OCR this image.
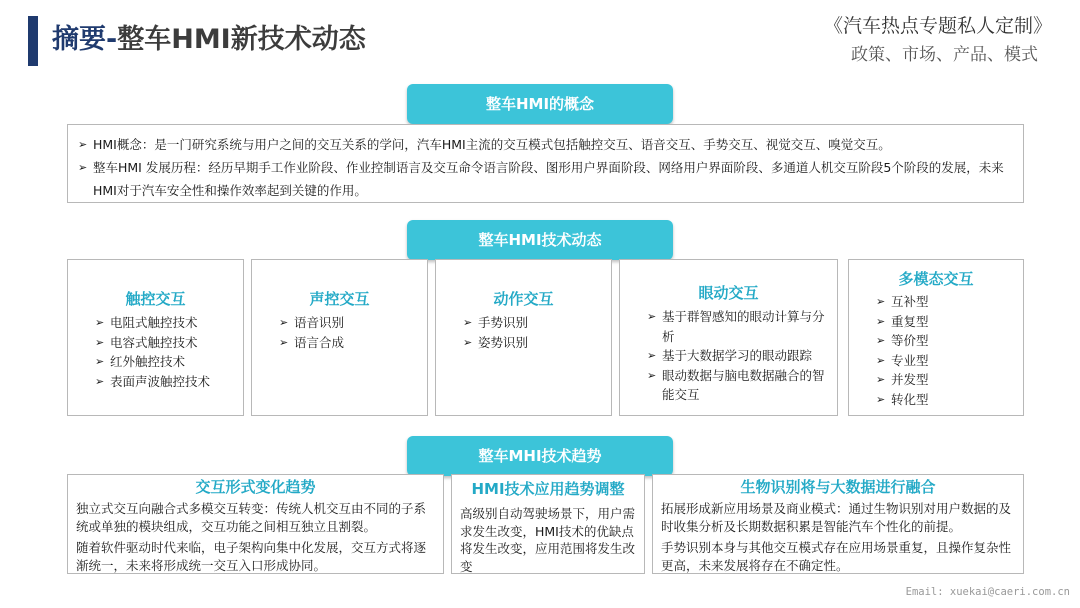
摘要-整车HMI新技术动态	《汽车热点专题私人定制》
政策、市场、产品、模式
整车HMI的概念
➢ HMI概念：是一门研究系统与用户之间的交互关系的学问，汽车HMI主流的交互模式包括触控交互、语音交互、手势交互、视觉交互、嗅觉交互。
➢ 整车HMI 发展历程：经历早期手工作业阶段、作业控制语言及交互命令语言阶段、图形用户界面阶段、网络用户界面阶段、多通道人机交互阶段5个阶段的发展，未来HMI对于汽车安全性和操作效率起到关键的作用。
整车HMI技术动态
触控交互
➢ 电阻式触控技术
➢ 电容式触控技术
➢ 红外触控技术
➢ 表面声波触控技术
声控交互
➢ 语音识别
➢ 语言合成
动作交互
➢ 手势识别
➢ 姿势识别
眼动交互
➢ 基于群智感知的眼动计算与分析
➢ 基于大数据学习的眼动跟踪
➢ 眼动数据与脑电数据融合的智能交互
多模态交互
➢ 互补型
➢ 重复型
➢ 等价型
➢ 专业型
➢ 并发型
➢ 转化型
整车MHI技术趋势
交互形式变化趋势
独立式交互向融合式多模交互转变：传统人机交互由不同的子系统或单独的模块组成，交互功能之间相互独立且割裂。
随着软件驱动时代来临，电子架构向集中化发展，交互方式将逐渐统一，未来将形成统一交互入口形成协同。
HMI技术应用趋势调整
高级别自动驾驶场景下，用户需求发生改变，HMI技术的优缺点将发生改变，应用范围将发生改变
生物识别将与大数据进行融合
拓展形成新应用场景及商业模式：通过生物识别对用户数据的及时收集分析及长期数据积累是智能汽车个性化的前提。
手势识别本身与其他交互模式存在应用场景重复，且操作复杂性更高，未来发展将存在不确定性。
Email: xuekai@caeri.com.cn
